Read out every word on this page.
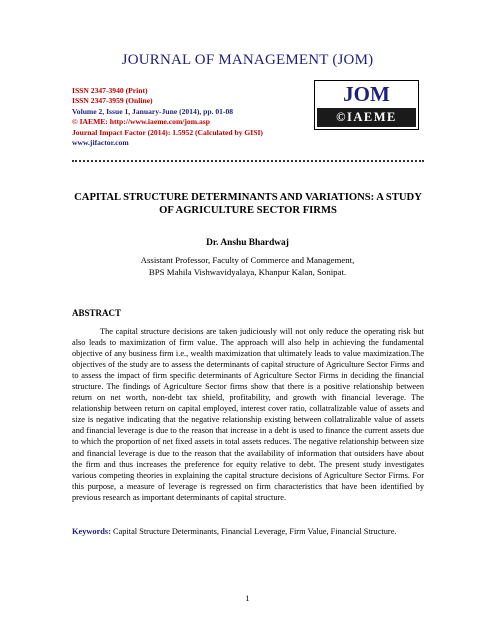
JOURNAL OF MANAGEMENT (JOM)
ISSN 2347-3940 (Print)
ISSN 2347-3959 (Online)
Volume 2, Issue 1, January-June (2014), pp. 01-08
© IAEME: http://www.iaeme.com/jom.asp
Journal Impact Factor (2014): 1.5952 (Calculated by GISI)
www.jifactor.com
JOM
©IAEME
CAPITAL STRUCTURE DETERMINANTS AND VARIATIONS: A STUDY OF AGRICULTURE SECTOR FIRMS
Dr. Anshu Bhardwaj
Assistant Professor, Faculty of Commerce and Management,
BPS Mahila Vishwavidyalaya, Khanpur Kalan, Sonipat.
ABSTRACT
The capital structure decisions are taken judiciously will not only reduce the operating risk but also leads to maximization of firm value. The approach will also help in achieving the fundamental objective of any business firm i.e., wealth maximization that ultimately leads to value maximization.The objectives of the study are to assess the determinants of capital structure of Agriculture Sector Firms and to assess the impact of firm specific determinants of Agriculture Sector Firms in deciding the financial structure. The findings of Agriculture Sector firms show that there is a positive relationship between return on net worth, non-debt tax shield, profitability, and growth with financial leverage. The relationship between return on capital employed, interest cover ratio, collatralizable value of assets and size is negative indicating that the negative relationship existing between collatralizable value of assets and financial leverage is due to the reason that increase in a debt is used to finance the current assets due to which the proportion of net fixed assets in total assets reduces. The negative relationship between size and financial leverage is due to the reason that the availability of information that outsiders have about the firm and thus increases the preference for equity relative to debt. The present study investigates various competing theories in explaining the capital structure decisions of Agriculture Sector Firms. For this purpose, a measure of leverage is regressed on firm characteristics that have been identified by previous research as important determinants of capital structure.
Keywords: Capital Structure Determinants, Financial Leverage, Firm Value, Financial Structure.
1
